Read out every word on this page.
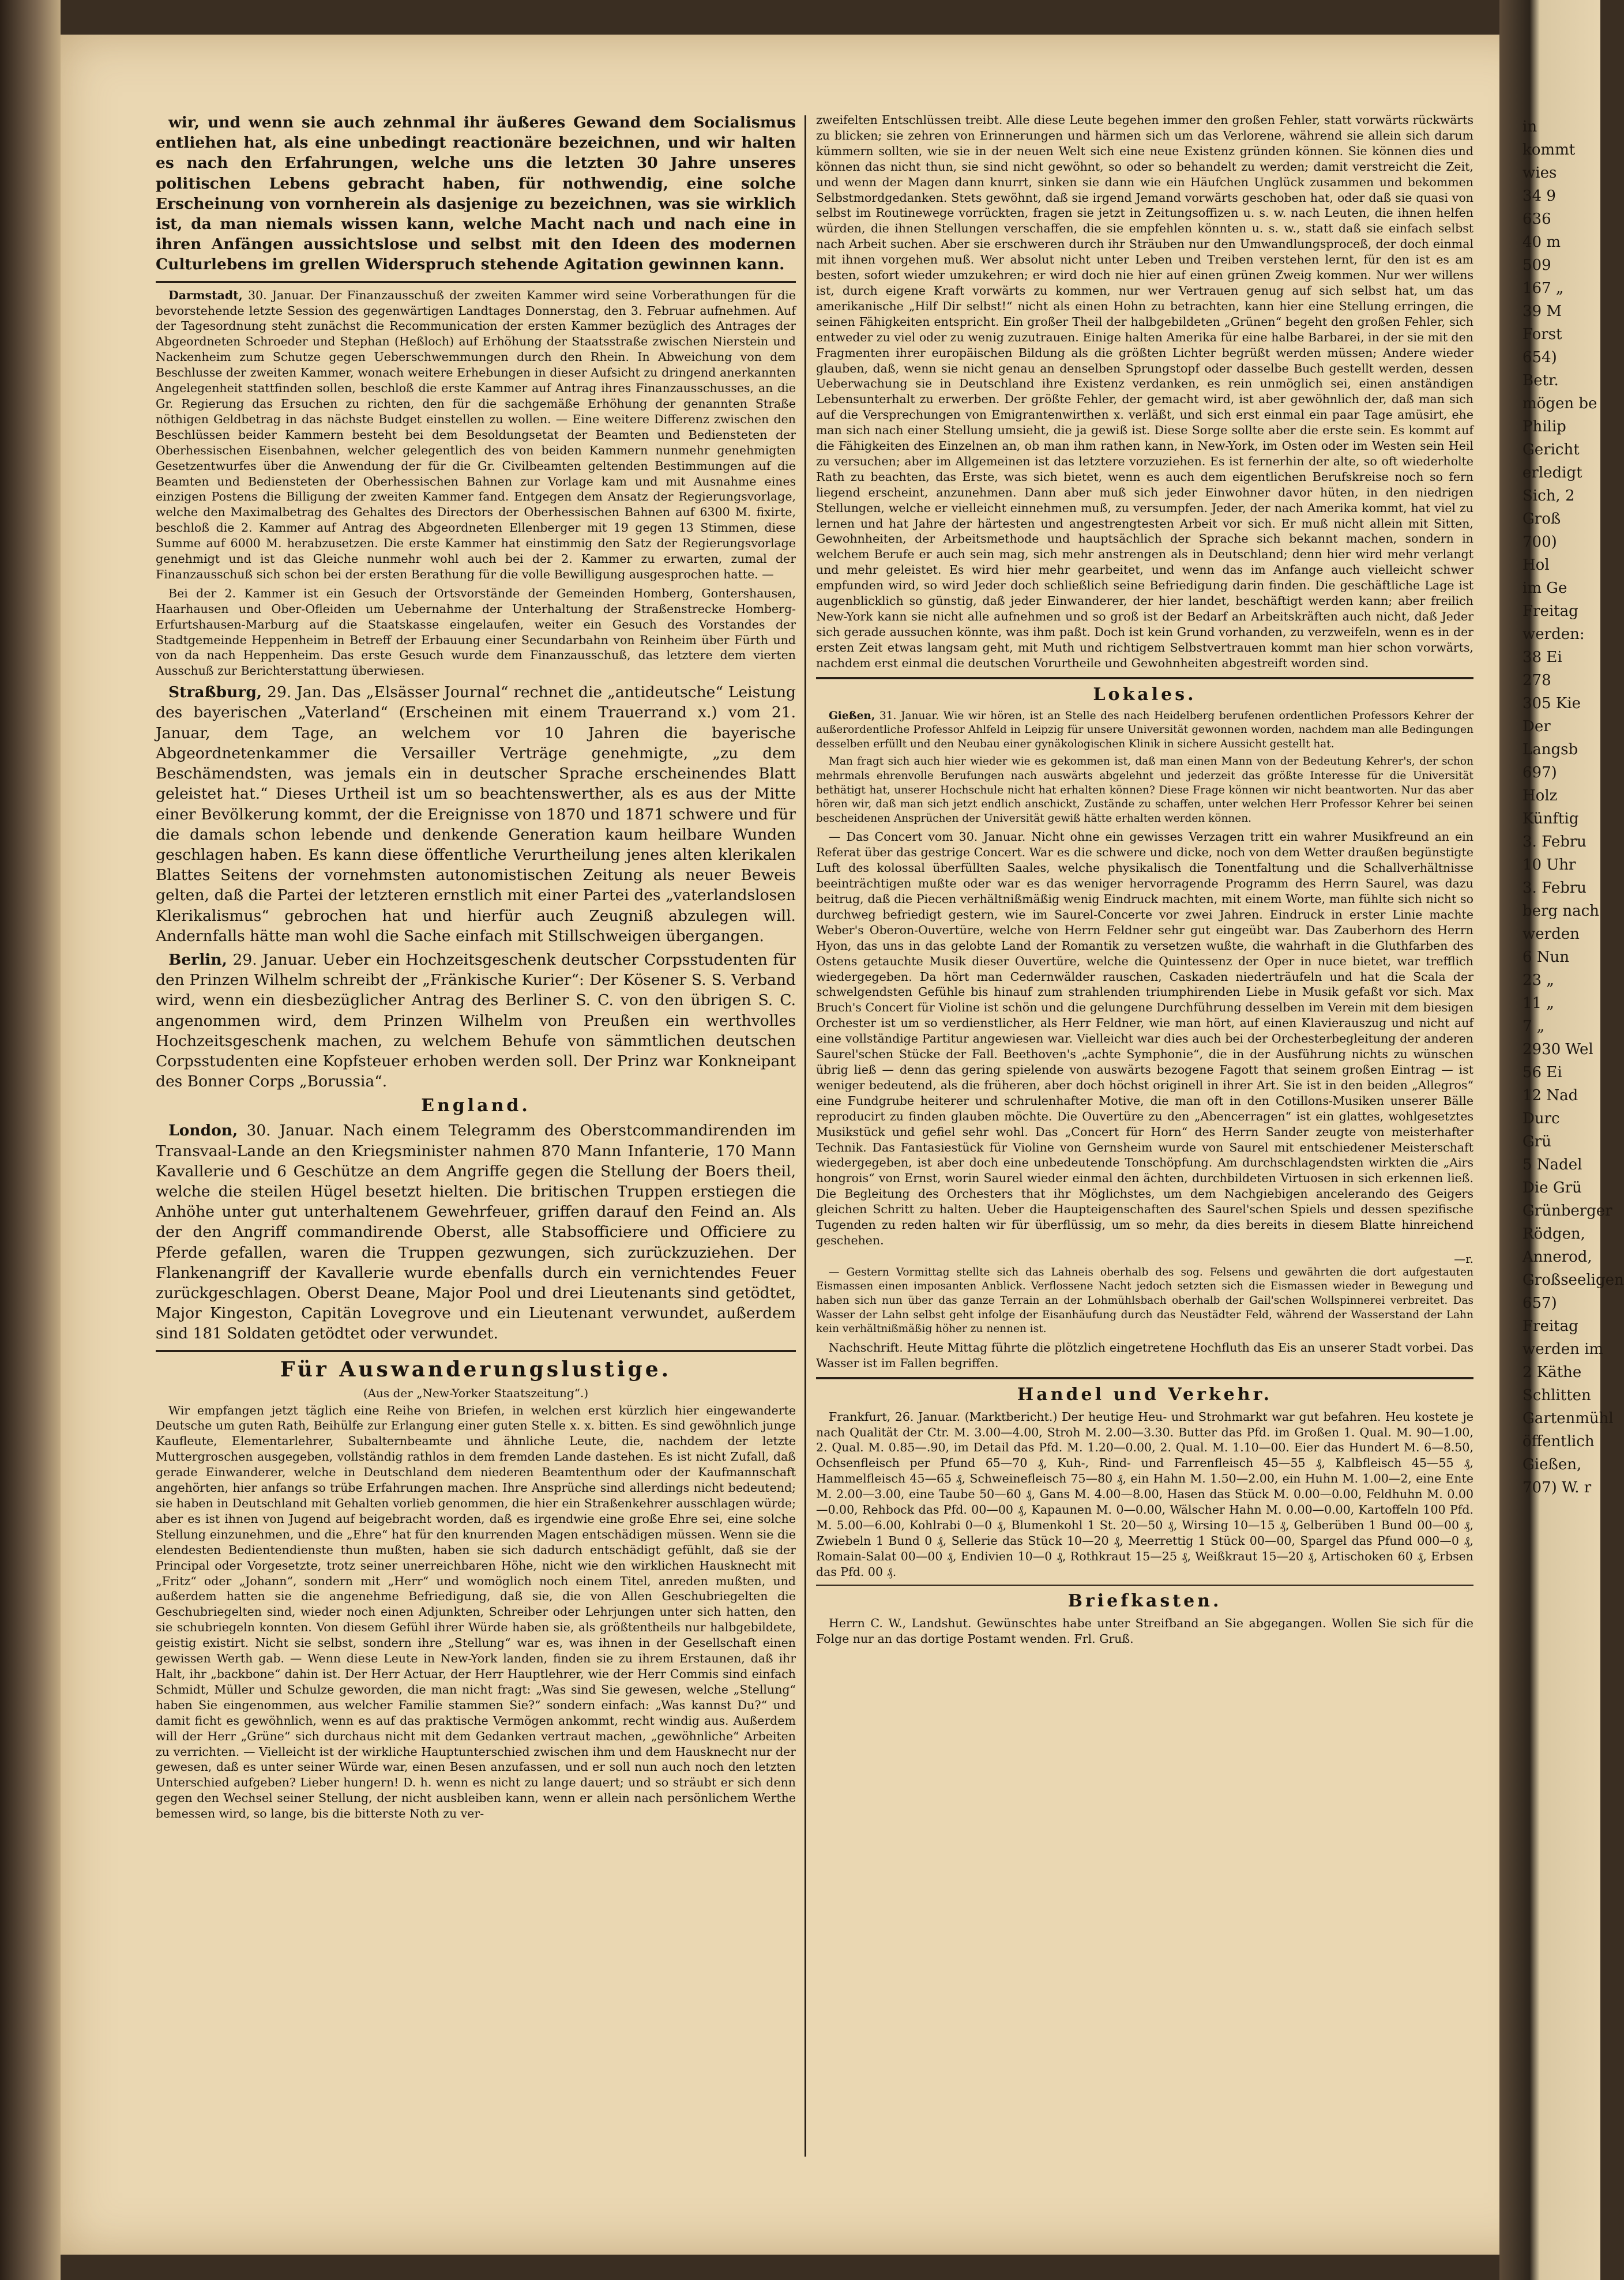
in
kommt
wies
34 9
636
40 m
509
167 „
39 M
Forst
654)
Betr.
mögen be
Philip
Gericht
erledigt
Sich, 2
Groß
700)
Hol
im Ge
Freitag
werden:
38 Ei
278
305 Kie
Der
Langsb
697)
Holz
Künftig
3. Febru
10 Uhr
3. Febru
berg nach
werden
6 Nun
23 „
11 „
7 „
2930 Wel
56 Ei
12 Nad
Durc
Grü
5 Nadel
Die Grü
Grünberger
Rödgen,
Annerod,
Großseeligen
657)
Freitag
werden im
2 Käthe
Schlitten
Gartenmühl
öffentlich
Gießen,
707) W. r

wir, und wenn sie auch zehnmal ihr äußeres Gewand dem Socialismus entliehen hat, als eine unbedingt reactionäre bezeichnen, und wir halten es nach den Erfahrungen, welche uns die letzten 30 Jahre unseres politischen Lebens gebracht haben, für nothwendig, eine solche Erscheinung von vornherein als dasjenige zu bezeichnen, was sie wirklich ist, da man niemals wissen kann, welche Macht nach und nach eine in ihren Anfängen aussichtslose und selbst mit den Ideen des modernen Culturlebens im grellen Widerspruch stehende Agitation gewinnen kann.

Darmstadt, 30. Januar. Der Finanzausschuß der zweiten Kammer wird seine Vorberathungen für die bevorstehende letzte Session des gegenwärtigen Landtages Donnerstag, den 3. Februar aufnehmen. Auf der Tagesordnung steht zunächst die Recommunication der ersten Kammer bezüglich des Antrages der Abgeordneten Schroeder und Stephan (Heßloch) auf Erhöhung der Staatsstraße zwischen Nierstein und Nackenheim zum Schutze gegen Ueberschwemmungen durch den Rhein. In Abweichung von dem Beschlusse der zweiten Kammer, wonach weitere Erhebungen in dieser Aufsicht zu dringend anerkannten Angelegenheit stattfinden sollen, beschloß die erste Kammer auf Antrag ihres Finanzausschusses, an die Gr. Regierung das Ersuchen zu richten, den für die sachgemäße Erhöhung der genannten Straße nöthigen Geldbetrag in das nächste Budget einstellen zu wollen. — Eine weitere Differenz zwischen den Beschlüssen beider Kammern besteht bei dem Besoldungsetat der Beamten und Bediensteten der Oberhessischen Eisenbahnen, welcher gelegentlich des von beiden Kammern nunmehr genehmigten Gesetzentwurfes über die Anwendung der für die Gr. Civilbeamten geltenden Bestimmungen auf die Beamten und Bediensteten der Oberhessischen Bahnen zur Vorlage kam und mit Ausnahme eines einzigen Postens die Billigung der zweiten Kammer fand. Entgegen dem Ansatz der Regierungsvorlage, welche den Maximalbetrag des Gehaltes des Directors der Oberhessischen Bahnen auf 6300 M. fixirte, beschloß die 2. Kammer auf Antrag des Abgeordneten Ellenberger mit 19 gegen 13 Stimmen, diese Summe auf 6000 M. herabzusetzen. Die erste Kammer hat einstimmig den Satz der Regierungsvorlage genehmigt und ist das Gleiche nunmehr wohl auch bei der 2. Kammer zu erwarten, zumal der Finanzausschuß sich schon bei der ersten Berathung für die volle Bewilligung ausgesprochen hatte. —

Bei der 2. Kammer ist ein Gesuch der Ortsvorstände der Gemeinden Homberg, Gontershausen, Haarhausen und Ober-Ofleiden um Uebernahme der Unterhaltung der Straßenstrecke Homberg-Erfurtshausen-Marburg auf die Staatskasse eingelaufen, weiter ein Gesuch des Vorstandes der Stadtgemeinde Heppenheim in Betreff der Erbauung einer Secundarbahn von Reinheim über Fürth und von da nach Heppenheim. Das erste Gesuch wurde dem Finanzausschuß, das letztere dem vierten Ausschuß zur Berichterstattung überwiesen.

Straßburg, 29. Jan. Das „Elsässer Journal“ rechnet die „antideutsche“ Leistung des bayerischen „Vaterland“ (Erscheinen mit einem Trauerrand x.) vom 21. Januar, dem Tage, an welchem vor 10 Jahren die bayerische Abgeordnetenkammer die Versailler Verträge genehmigte, „zu dem Beschämendsten, was jemals ein in deutscher Sprache erscheinendes Blatt geleistet hat.“ Dieses Urtheil ist um so beachtenswerther, als es aus der Mitte einer Bevölkerung kommt, der die Ereignisse von 1870 und 1871 schwere und für die damals schon lebende und denkende Generation kaum heilbare Wunden geschlagen haben. Es kann diese öffentliche Verurtheilung jenes alten klerikalen Blattes Seitens der vornehmsten autonomistischen Zeitung als neuer Beweis gelten, daß die Partei der letzteren ernstlich mit einer Partei des „vaterlandslosen Klerikalismus“ gebrochen hat und hierfür auch Zeugniß abzulegen will. Andernfalls hätte man wohl die Sache einfach mit Stillschweigen übergangen.

Berlin, 29. Januar. Ueber ein Hochzeitsgeschenk deutscher Corpsstudenten für den Prinzen Wilhelm schreibt der „Fränkische Kurier“: Der Kösener S. S. Verband wird, wenn ein diesbezüglicher Antrag des Berliner S. C. von den übrigen S. C. angenommen wird, dem Prinzen Wilhelm von Preußen ein werthvolles Hochzeitsgeschenk machen, zu welchem Behufe von sämmtlichen deutschen Corpsstudenten eine Kopfsteuer erhoben werden soll. Der Prinz war Konkneipant des Bonner Corps „Borussia“.

England.

London, 30. Januar. Nach einem Telegramm des Oberstcommandirenden im Transvaal-Lande an den Kriegsminister nahmen 870 Mann Infanterie, 170 Mann Kavallerie und 6 Geschütze an dem Angriffe gegen die Stellung der Boers theil, welche die steilen Hügel besetzt hielten. Die britischen Truppen erstiegen die Anhöhe unter gut unterhaltenem Gewehrfeuer, griffen darauf den Feind an. Als der den Angriff commandirende Oberst, alle Stabsofficiere und Officiere zu Pferde gefallen, waren die Truppen gezwungen, sich zurückzuziehen. Der Flankenangriff der Kavallerie wurde ebenfalls durch ein vernichtendes Feuer zurückgeschlagen. Oberst Deane, Major Pool und drei Lieutenants sind getödtet, Major Kingeston, Capitän Lovegrove und ein Lieutenant verwundet, außerdem sind 181 Soldaten getödtet oder verwundet.

Für Auswanderungslustige.
(Aus der „New-Yorker Staatszeitung“.)

Wir empfangen jetzt täglich eine Reihe von Briefen, in welchen erst kürzlich hier eingewanderte Deutsche um guten Rath, Beihülfe zur Erlangung einer guten Stelle x. x. bitten. Es sind gewöhnlich junge Kaufleute, Elementarlehrer, Subalternbeamte und ähnliche Leute, die, nachdem der letzte Muttergroschen ausgegeben, vollständig rathlos in dem fremden Lande dastehen. Es ist nicht Zufall, daß gerade Einwanderer, welche in Deutschland dem niederen Beamtenthum oder der Kaufmannschaft angehörten, hier anfangs so trübe Erfahrungen machen. Ihre Ansprüche sind allerdings nicht bedeutend; sie haben in Deutschland mit Gehalten vorlieb genommen, die hier ein Straßenkehrer ausschlagen würde; aber es ist ihnen von Jugend auf beigebracht worden, daß es irgendwie eine große Ehre sei, eine solche Stellung einzunehmen, und die „Ehre“ hat für den knurrenden Magen entschädigen müssen. Wenn sie die elendesten Bedientendienste thun mußten, haben sie sich dadurch entschädigt gefühlt, daß sie der Principal oder Vorgesetzte, trotz seiner unerreichbaren Höhe, nicht wie den wirklichen Hausknecht mit „Fritz“ oder „Johann“, sondern mit „Herr“ und womöglich noch einem Titel, anreden mußten, und außerdem hatten sie die angenehme Befriedigung, daß sie, die von Allen Geschubriegelten die Geschubriegelten sind, wieder noch einen Adjunkten, Schreiber oder Lehrjungen unter sich hatten, den sie schubriegeln konnten. Von diesem Gefühl ihrer Würde haben sie, als größtentheils nur halbgebildete, geistig existirt. Nicht sie selbst, sondern ihre „Stellung“ war es, was ihnen in der Gesellschaft einen gewissen Werth gab. — Wenn diese Leute in New-York landen, finden sie zu ihrem Erstaunen, daß ihr Halt, ihr „backbone“ dahin ist. Der Herr Actuar, der Herr Hauptlehrer, wie der Herr Commis sind einfach Schmidt, Müller und Schulze geworden, die man nicht fragt: „Was sind Sie gewesen, welche „Stellung“ haben Sie eingenommen, aus welcher Familie stammen Sie?“ sondern einfach: „Was kannst Du?“ und damit ficht es gewöhnlich, wenn es auf das praktische Vermögen ankommt, recht windig aus. Außerdem will der Herr „Grüne“ sich durchaus nicht mit dem Gedanken vertraut machen, „gewöhnliche“ Arbeiten zu verrichten. — Vielleicht ist der wirkliche Hauptunterschied zwischen ihm und dem Hausknecht nur der gewesen, daß es unter seiner Würde war, einen Besen anzufassen, und er soll nun auch noch den letzten Unterschied aufgeben? Lieber hungern! D. h. wenn es nicht zu lange dauert; und so sträubt er sich denn gegen den Wechsel seiner Stellung, der nicht ausbleiben kann, wenn er allein nach persönlichem Werthe bemessen wird, so lange, bis die bitterste Noth zu ver-

zweifelten Entschlüssen treibt. Alle diese Leute begehen immer den großen Fehler, statt vorwärts rückwärts zu blicken; sie zehren von Erinnerungen und härmen sich um das Verlorene, während sie allein sich darum kümmern sollten, wie sie in der neuen Welt sich eine neue Existenz gründen können. Sie können dies und können das nicht thun, sie sind nicht gewöhnt, so oder so behandelt zu werden; damit verstreicht die Zeit, und wenn der Magen dann knurrt, sinken sie dann wie ein Häufchen Unglück zusammen und bekommen Selbstmordgedanken. Stets gewöhnt, daß sie irgend Jemand vorwärts geschoben hat, oder daß sie quasi von selbst im Routinewege vorrückten, fragen sie jetzt in Zeitungsoffizen u. s. w. nach Leuten, die ihnen helfen würden, die ihnen Stellungen verschaffen, die sie empfehlen könnten u. s. w., statt daß sie einfach selbst nach Arbeit suchen. Aber sie erschweren durch ihr Sträuben nur den Umwandlungsproceß, der doch einmal mit ihnen vorgehen muß. Wer absolut nicht unter Leben und Treiben verstehen lernt, für den ist es am besten, sofort wieder umzukehren; er wird doch nie hier auf einen grünen Zweig kommen. Nur wer willens ist, durch eigene Kraft vorwärts zu kommen, nur wer Vertrauen genug auf sich selbst hat, um das amerikanische „Hilf Dir selbst!“ nicht als einen Hohn zu betrachten, kann hier eine Stellung erringen, die seinen Fähigkeiten entspricht. Ein großer Theil der halbgebildeten „Grünen“ begeht den großen Fehler, sich entweder zu viel oder zu wenig zuzutrauen. Einige halten Amerika für eine halbe Barbarei, in der sie mit den Fragmenten ihrer europäischen Bildung als die größten Lichter begrüßt werden müssen; Andere wieder glauben, daß, wenn sie nicht genau an denselben Sprungstopf oder dasselbe Buch gestellt werden, dessen Ueberwachung sie in Deutschland ihre Existenz verdanken, es rein unmöglich sei, einen anständigen Lebensunterhalt zu erwerben. Der größte Fehler, der gemacht wird, ist aber gewöhnlich der, daß man sich auf die Versprechungen von Emigrantenwirthen x. verläßt, und sich erst einmal ein paar Tage amüsirt, ehe man sich nach einer Stellung umsieht, die ja gewiß ist. Diese Sorge sollte aber die erste sein. Es kommt auf die Fähigkeiten des Einzelnen an, ob man ihm rathen kann, in New-York, im Osten oder im Westen sein Heil zu versuchen; aber im Allgemeinen ist das letztere vorzuziehen. Es ist fernerhin der alte, so oft wiederholte Rath zu beachten, das Erste, was sich bietet, wenn es auch dem eigentlichen Berufskreise noch so fern liegend erscheint, anzunehmen. Dann aber muß sich jeder Einwohner davor hüten, in den niedrigen Stellungen, welche er vielleicht einnehmen muß, zu versumpfen. Jeder, der nach Amerika kommt, hat viel zu lernen und hat Jahre der härtesten und angestrengtesten Arbeit vor sich. Er muß nicht allein mit Sitten, Gewohnheiten, der Arbeitsmethode und hauptsächlich der Sprache sich bekannt machen, sondern in welchem Berufe er auch sein mag, sich mehr anstrengen als in Deutschland; denn hier wird mehr verlangt und mehr geleistet. Es wird hier mehr gearbeitet, und wenn das im Anfange auch vielleicht schwer empfunden wird, so wird Jeder doch schließlich seine Befriedigung darin finden. Die geschäftliche Lage ist augenblicklich so günstig, daß jeder Einwanderer, der hier landet, beschäftigt werden kann; aber freilich New-York kann sie nicht alle aufnehmen und so groß ist der Bedarf an Arbeitskräften auch nicht, daß Jeder sich gerade aussuchen könnte, was ihm paßt. Doch ist kein Grund vorhanden, zu verzweifeln, wenn es in der ersten Zeit etwas langsam geht, mit Muth und richtigem Selbstvertrauen kommt man hier schon vorwärts, nachdem erst einmal die deutschen Vorurtheile und Gewohnheiten abgestreift worden sind.

Lokales.

Gießen, 31. Januar. Wie wir hören, ist an Stelle des nach Heidelberg berufenen ordentlichen Professors Kehrer der außerordentliche Professor Ahlfeld in Leipzig für unsere Universität gewonnen worden, nachdem man alle Bedingungen desselben erfüllt und den Neubau einer gynäkologischen Klinik in sichere Aussicht gestellt hat.

Man fragt sich auch hier wieder wie es gekommen ist, daß man einen Mann von der Bedeutung Kehrer's, der schon mehrmals ehrenvolle Berufungen nach auswärts abgelehnt und jederzeit das größte Interesse für die Universität bethätigt hat, unserer Hochschule nicht hat erhalten können? Diese Frage können wir nicht beantworten. Nur das aber hören wir, daß man sich jetzt endlich anschickt, Zustände zu schaffen, unter welchen Herr Professor Kehrer bei seinen bescheidenen Ansprüchen der Universität gewiß hätte erhalten werden können.

— Das Concert vom 30. Januar. Nicht ohne ein gewisses Verzagen tritt ein wahrer Musikfreund an ein Referat über das gestrige Concert. War es die schwere und dicke, noch von dem Wetter draußen begünstigte Luft des kolossal überfüllten Saales, welche physikalisch die Tonentfaltung und die Schallverhältnisse beeinträchtigen mußte oder war es das weniger hervorragende Programm des Herrn Saurel, was dazu beitrug, daß die Piecen verhältnißmäßig wenig Eindruck machten, mit einem Worte, man fühlte sich nicht so durchweg befriedigt gestern, wie im Saurel-Concerte vor zwei Jahren. Eindruck in erster Linie machte Weber's Oberon-Ouvertüre, welche von Herrn Feldner sehr gut eingeübt war. Das Zauberhorn des Herrn Hyon, das uns in das gelobte Land der Romantik zu versetzen wußte, die wahrhaft in die Gluthfarben des Ostens getauchte Musik dieser Ouvertüre, welche die Quintessenz der Oper in nuce bietet, war trefflich wiedergegeben. Da hört man Cedernwälder rauschen, Caskaden niederträufeln und hat die Scala der schwelgendsten Gefühle bis hinauf zum strahlenden triumphirenden Liebe in Musik gefaßt vor sich. Max Bruch's Concert für Violine ist schön und die gelungene Durchführung desselben im Verein mit dem biesigen Orchester ist um so verdienstlicher, als Herr Feldner, wie man hört, auf einen Klavierauszug und nicht auf eine vollständige Partitur angewiesen war. Vielleicht war dies auch bei der Orchesterbegleitung der anderen Saurel'schen Stücke der Fall. Beethoven's „achte Symphonie“, die in der Ausführung nichts zu wünschen übrig ließ — denn das gering spielende von auswärts bezogene Fagott that seinem großen Eintrag — ist weniger bedeutend, als die früheren, aber doch höchst originell in ihrer Art. Sie ist in den beiden „Allegros“ eine Fundgrube heiterer und schrulenhafter Motive, die man oft in den Cotillons-Musiken unserer Bälle reproducirt zu finden glauben möchte. Die Ouvertüre zu den „Abencerragen“ ist ein glattes, wohlgesetztes Musikstück und gefiel sehr wohl. Das „Concert für Horn“ des Herrn Sander zeugte von meisterhafter Technik. Das Fantasiestück für Violine von Gernsheim wurde von Saurel mit entschiedener Meisterschaft wiedergegeben, ist aber doch eine unbedeutende Tonschöpfung. Am durchschlagendsten wirkten die „Airs hongrois“ von Ernst, worin Saurel wieder einmal den ächten, durchbildeten Virtuosen in sich erkennen ließ. Die Begleitung des Orchesters that ihr Möglichstes, um dem Nachgiebigen ancelerando des Geigers gleichen Schritt zu halten. Ueber die Haupteigenschaften des Saurel'schen Spiels und dessen spezifische Tugenden zu reden halten wir für überflüssig, um so mehr, da dies bereits in diesem Blatte hinreichend geschehen.

—r.

— Gestern Vormittag stellte sich das Lahneis oberhalb des sog. Felsens und gewährten die dort aufgestauten Eismassen einen imposanten Anblick. Verflossene Nacht jedoch setzten sich die Eismassen wieder in Bewegung und haben sich nun über das ganze Terrain an der Lohmühlsbach oberhalb der Gail'schen Wollspinnerei verbreitet. Das Wasser der Lahn selbst geht infolge der Eisanhäufung durch das Neustädter Feld, während der Wasserstand der Lahn kein verhältnißmäßig höher zu nennen ist.

Nachschrift. Heute Mittag führte die plötzlich eingetretene Hochfluth das Eis an unserer Stadt vorbei. Das Wasser ist im Fallen begriffen.

Handel und Verkehr.

Frankfurt, 26. Januar. (Marktbericht.) Der heutige Heu- und Strohmarkt war gut befahren. Heu kostete je nach Qualität der Ctr. M. 3.00—4.00, Stroh M. 2.00—3.30. Butter das Pfd. im Großen 1. Qual. M. 90—1.00, 2. Qual. M. 0.85—.90, im Detail das Pfd. M. 1.20—0.00, 2. Qual. M. 1.10—00. Eier das Hundert M. 6—8.50, Ochsenfleisch per Pfund 65—70 ₰, Kuh-, Rind- und Farrenfleisch 45—55 ₰, Kalbfleisch 45—55 ₰, Hammelfleisch 45—65 ₰, Schweinefleisch 75—80 ₰, ein Hahn M. 1.50—2.00, ein Huhn M. 1.00—2, eine Ente M. 2.00—3.00, eine Taube 50—60 ₰, Gans M. 4.00—8.00, Hasen das Stück M. 0.00—0.00, Feldhuhn M. 0.00—0.00, Rehbock das Pfd. 00—00 ₰, Kapaunen M. 0—0.00, Wälscher Hahn M. 0.00—0.00, Kartoffeln 100 Pfd. M. 5.00—6.00, Kohlrabi 0—0 ₰, Blumenkohl 1 St. 20—50 ₰, Wirsing 10—15 ₰, Gelberüben 1 Bund 00—00 ₰, Zwiebeln 1 Bund 0 ₰, Sellerie das Stück 10—20 ₰, Meerrettig 1 Stück 00—00, Spargel das Pfund 000—0 ₰, Romain-Salat 00—00 ₰, Endivien 10—0 ₰, Rothkraut 15—25 ₰, Weißkraut 15—20 ₰, Artischoken 60 ₰, Erbsen das Pfd. 00 ₰.

Briefkasten.

Herrn C. W., Landshut. Gewünschtes habe unter Streifband an Sie abgegangen. Wollen Sie sich für die Folge nur an das dortige Postamt wenden. Frl. Gruß.
